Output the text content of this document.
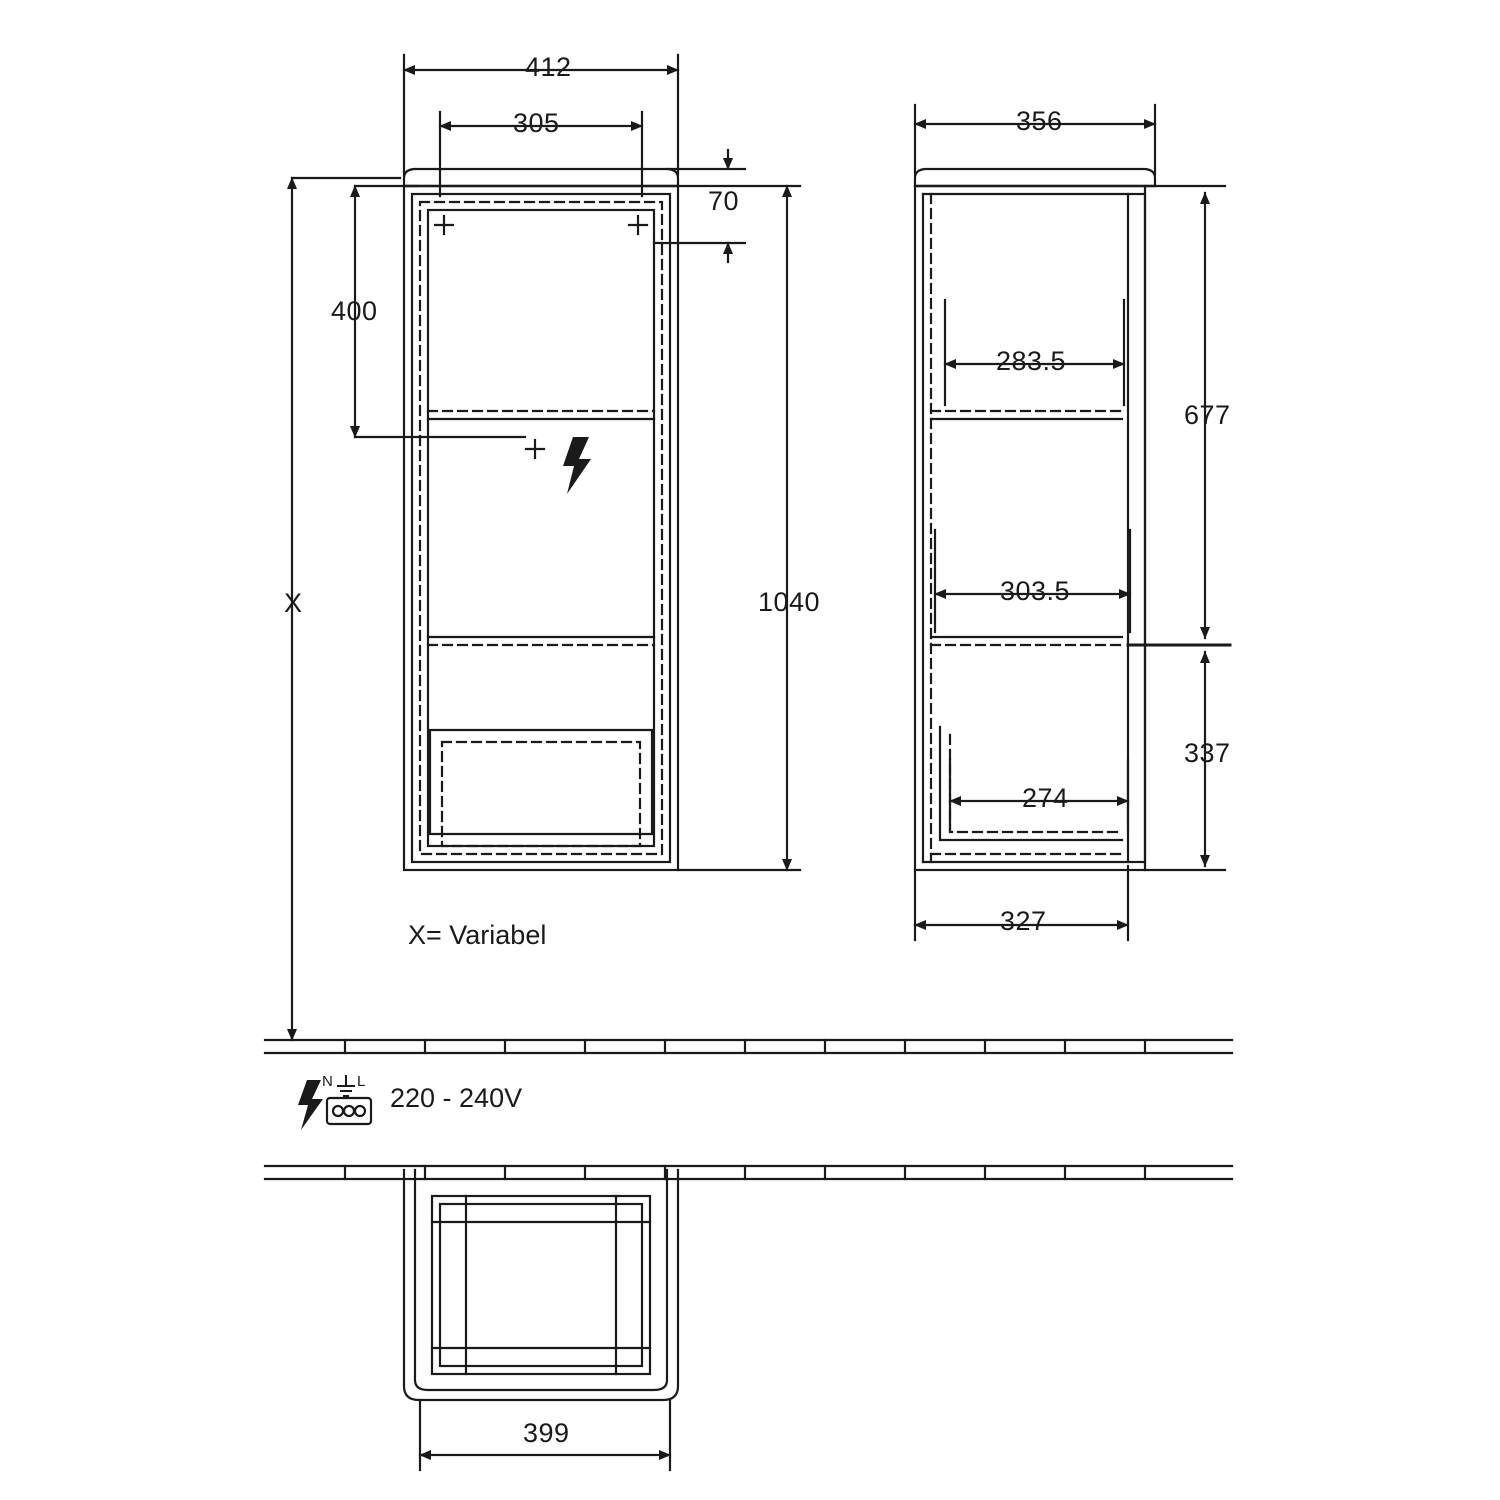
412
305
70
400
1040
X
356
283.5
303.5
274
677
337
327
399
X= Variabel
220 - 240V
N L
